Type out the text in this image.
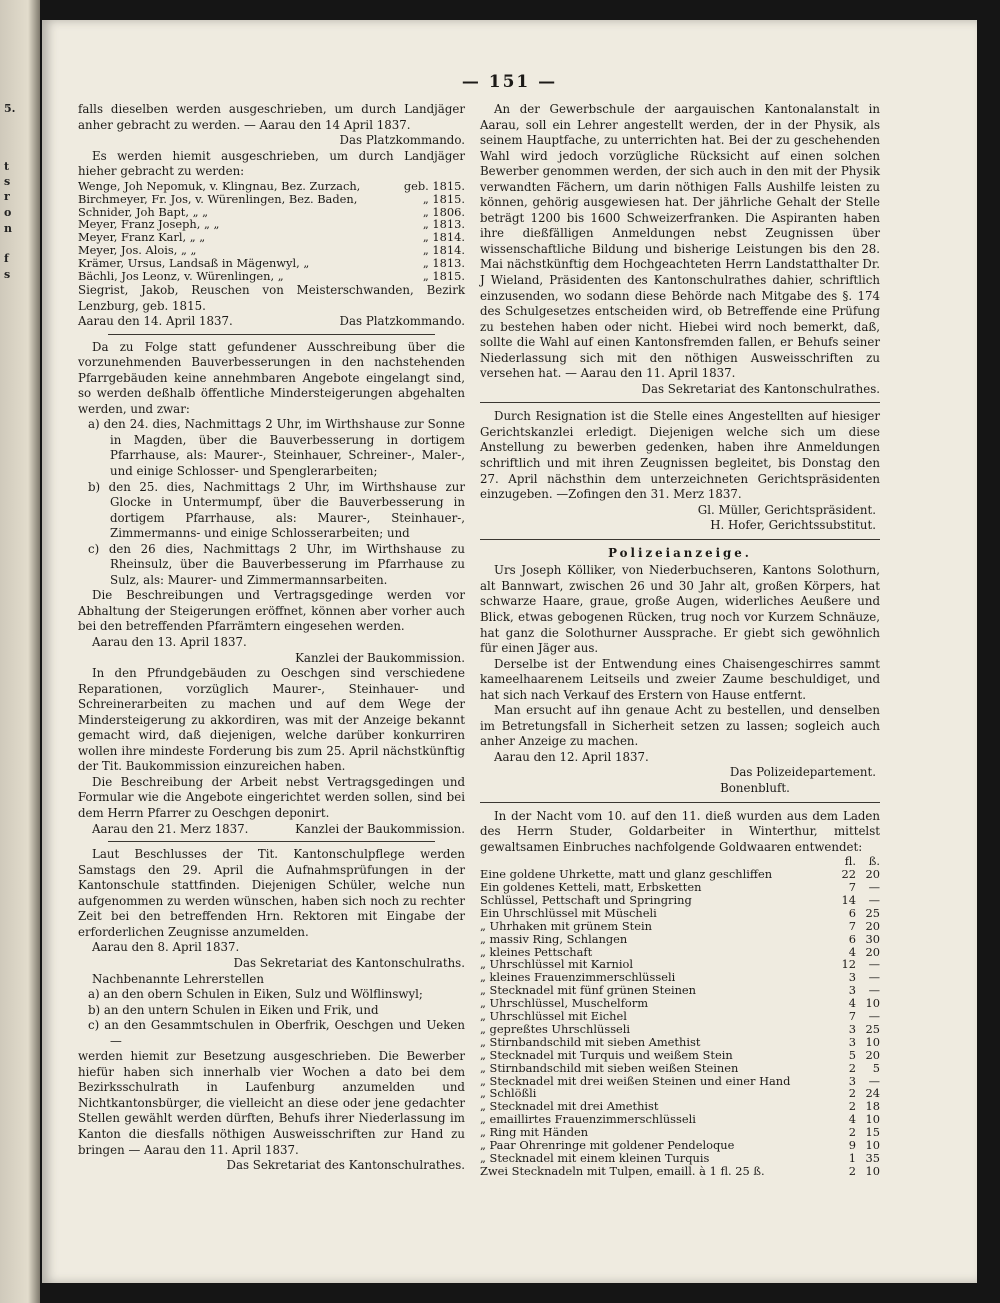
5.
t
s
r
o
n
f
s
— 151 —

falls dieselben werden ausgeschrieben, um durch Landjäger anher gebracht zu werden. — Aarau den 14 April 1837.

Das Platzkommando.

Es werden hiemit ausgeschrieben, um durch Landjäger hieher gebracht zu werden:

Wenge, Joh Nepomuk, v. Klingnau, Bez. Zurzach,	geb. 1815.
Birchmeyer, Fr. Jos, v. Würenlingen, Bez. Baden,	„ 1815.
Schnider, Joh Bapt, „ „	„ 1806.
Meyer, Franz Joseph, „ „	„ 1813.
Meyer, Franz Karl, „ „	„ 1814.
Meyer, Jos. Alois, „ „	„ 1814.
Krämer, Ursus, Landsaß in Mägenwyl, „	„ 1813.
Bächli, Jos Leonz, v. Würenlingen, „	„ 1815.

Siegrist, Jakob, Reuschen von Meisterschwanden, Bezirk Lenzburg, geb. 1815.

Aarau den 14. April 1837.	Das Platzkommando.

Da zu Folge statt gefundener Ausschreibung über die vorzunehmenden Bauverbesserungen in den nachstehenden Pfarrgebäuden keine annehmbaren Angebote eingelangt sind, so werden deßhalb öffentliche Mindersteigerungen abgehalten werden, und zwar:

a) den 24. dies, Nachmittags 2 Uhr, im Wirthshause zur Sonne in Magden, über die Bauverbesserung in dortigem Pfarrhause, als: Maurer-, Steinhauer, Schreiner-, Maler-, und einige Schlosser- und Spenglerarbeiten;

b) den 25. dies, Nachmittags 2 Uhr, im Wirthshause zur Glocke in Untermumpf, über die Bauverbesserung in dortigem Pfarrhause, als: Maurer-, Steinhauer-, Zimmermanns- und einige Schlosserarbeiten; und

c) den 26 dies, Nachmittags 2 Uhr, im Wirthshause zu Rheinsulz, über die Bauverbesserung im Pfarrhause zu Sulz, als: Maurer- und Zimmermannsarbeiten.

Die Beschreibungen und Vertragsgedinge werden vor Abhaltung der Steigerungen eröffnet, können aber vorher auch bei den betreffenden Pfarrämtern eingesehen werden.

Aarau den 13. April 1837.

Kanzlei der Baukommission.

In den Pfrundgebäuden zu Oeschgen sind verschiedene Reparationen, vorzüglich Maurer-, Steinhauer- und Schreinerarbeiten zu machen und auf dem Wege der Mindersteigerung zu akkordiren, was mit der Anzeige bekannt gemacht wird, daß diejenigen, welche darüber konkurriren wollen ihre mindeste Forderung bis zum 25. April nächstkünftig der Tit. Baukommission einzureichen haben.

Die Beschreibung der Arbeit nebst Vertragsgedingen und Formular wie die Angebote eingerichtet werden sollen, sind bei dem Herrn Pfarrer zu Oeschgen deponirt.

Aarau den 21. Merz 1837.	Kanzlei der Baukommission.

Laut Beschlusses der Tit. Kantonschulpflege werden Samstags den 29. April die Aufnahmsprüfungen in der Kantonschule stattfinden. Diejenigen Schüler, welche nun aufgenommen zu werden wünschen, haben sich noch zu rechter Zeit bei den betreffenden Hrn. Rektoren mit Eingabe der erforderlichen Zeugnisse anzumelden.

Aarau den 8. April 1837.

Das Sekretariat des Kantonschulraths.

Nachbenannte Lehrerstellen

a) an den obern Schulen in Eiken, Sulz und Wölflinswyl;

b) an den untern Schulen in Eiken und Frik, und

c) an den Gesammtschulen in Oberfrik, Oeschgen und Ueken—

werden hiemit zur Besetzung ausgeschrieben. Die Bewerber hiefür haben sich innerhalb vier Wochen a dato bei dem Bezirksschulrath in Laufenburg anzumelden und Nichtkantonsbürger, die vielleicht an diese oder jene gedachter Stellen gewählt werden dürften, Behufs ihrer Niederlassung im Kanton die diesfalls nöthigen Ausweisschriften zur Hand zu bringen — Aarau den 11. April 1837.

Das Sekretariat des Kantonschulrathes.

An der Gewerbschule der aargauischen Kantonalanstalt in Aarau, soll ein Lehrer angestellt werden, der in der Physik, als seinem Hauptfache, zu unterrichten hat. Bei der zu geschehenden Wahl wird jedoch vorzügliche Rücksicht auf einen solchen Bewerber genommen werden, der sich auch in den mit der Physik verwandten Fächern, um darin nöthigen Falls Aushilfe leisten zu können, gehörig ausgewiesen hat. Der jährliche Gehalt der Stelle beträgt 1200 bis 1600 Schweizerfranken. Die Aspiranten haben ihre dießfälligen Anmeldungen nebst Zeugnissen über wissenschaftliche Bildung und bisherige Leistungen bis den 28. Mai nächstkünftig dem Hochgeachteten Herrn Landstatthalter Dr. J Wieland, Präsidenten des Kantonschulrathes dahier, schriftlich einzusenden, wo sodann diese Behörde nach Mitgabe des §. 174 des Schulgesetzes entscheiden wird, ob Betreffende eine Prüfung zu bestehen haben oder nicht. Hiebei wird noch bemerkt, daß, sollte die Wahl auf einen Kantonsfremden fallen, er Behufs seiner Niederlassung sich mit den nöthigen Ausweisschriften zu versehen hat. — Aarau den 11. April 1837.

Das Sekretariat des Kantonschulrathes.

Durch Resignation ist die Stelle eines Angestellten auf hiesiger Gerichtskanzlei erledigt. Diejenigen welche sich um diese Anstellung zu bewerben gedenken, haben ihre Anmeldungen schriftlich und mit ihren Zeugnissen begleitet, bis Donstag den 27. April nächsthin dem unterzeichneten Gerichtspräsidenten einzugeben. —Zofingen den 31. Merz 1837.

Gl. Müller, Gerichtspräsident.

H. Hofer, Gerichtssubstitut.

Polizeianzeige.

Urs Joseph Kölliker, von Niederbuchseren, Kantons Solothurn, alt Bannwart, zwischen 26 und 30 Jahr alt, großen Körpers, hat schwarze Haare, graue, große Augen, widerliches Aeußere und Blick, etwas gebogenen Rücken, trug noch vor Kurzem Schnäuze, hat ganz die Solothurner Aussprache. Er giebt sich gewöhnlich für einen Jäger aus.

Derselbe ist der Entwendung eines Chaisengeschirres sammt kameelhaarenem Leitseils und zweier Zaume beschuldiget, und hat sich nach Verkauf des Erstern von Hause entfernt.

Man ersucht auf ihn genaue Acht zu bestellen, und denselben im Betretungsfall in Sicherheit setzen zu lassen; sogleich auch anher Anzeige zu machen.

Aarau den 12. April 1837.

Das Polizeidepartement.

Bonenbluft.

In der Nacht vom 10. auf den 11. dieß wurden aus dem Laden des Herrn Studer, Goldarbeiter in Winterthur, mittelst gewaltsamen Einbruches nachfolgende Goldwaaren entwendet:

	fl.	ß.
Eine goldene Uhrkette, matt und glanz geschliffen	22	20
Ein goldenes Ketteli, matt, Erbsketten	7	—
Schlüssel, Pettschaft und Springring	14	—
Ein Uhrschlüssel mit Müscheli	6	25
„ Uhrhaken mit grünem Stein	7	20
„ massiv Ring, Schlangen	6	30
„ kleines Pettschaft	4	20
„ Uhrschlüssel mit Karniol	12	—
„ kleines Frauenzimmerschlüsseli	3	—
„ Stecknadel mit fünf grünen Steinen	3	—
„ Uhrschlüssel, Muschelform	4	10
„ Uhrschlüssel mit Eichel	7	—
„ gepreßtes Uhrschlüsseli	3	25
„ Stirnbandschild mit sieben Amethist	3	10
„ Stecknadel mit Turquis und weißem Stein	5	20
„ Stirnbandschild mit sieben weißen Steinen	2	5
„ Stecknadel mit drei weißen Steinen und einer Hand	3	—
„ Schlößli	2	24
„ Stecknadel mit drei Amethist	2	18
„ emaillirtes Frauenzimmerschlüsseli	4	10
„ Ring mit Händen	2	15
„ Paar Ohrenringe mit goldener Pendeloque	9	10
„ Stecknadel mit einem kleinen Turquis	1	35
Zwei Stecknadeln mit Tulpen, emaill. à 1 fl. 25 ß.	2	10
